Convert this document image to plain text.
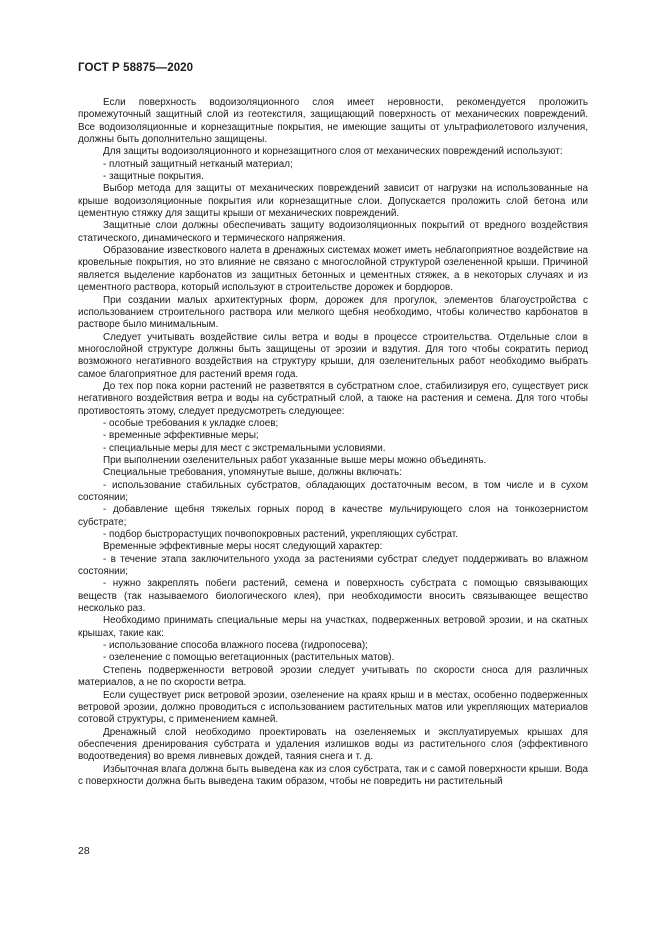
ГОСТ Р 58875—2020

Если поверхность водоизоляционного слоя имеет неровности, рекомендуется проложить промежуточный защитный слой из геотекстиля, защищающий поверхность от механических повреждений. Все водоизоляционные и корнезащитные покрытия, не имеющие защиты от ультрафиолетового излучения, должны быть дополнительно защищены.

Для защиты водоизоляционного и корнезащитного слоя от механических повреждений используют:

- плотный защитный нетканый материал;

- защитные покрытия.

Выбор метода для защиты от механических повреждений зависит от нагрузки на использованные на крыше водоизоляционные покрытия или корнезащитные слои. Допускается проложить слой бетона или цементную стяжку для защиты крыши от механических повреждений.

Защитные слои должны обеспечивать защиту водоизоляционных покрытий от вредного воздействия статического, динамического и термического напряжения.

Образование известкового налета в дренажных системах может иметь неблагоприятное воздействие на кровельные покрытия, но это влияние не связано с многослойной структурой озелененной крыши. Причиной является выделение карбонатов из защитных бетонных и цементных стяжек, а в некоторых случаях и из цементного раствора, который используют в строительстве дорожек и бордюров.

При создании малых архитектурных форм, дорожек для прогулок, элементов благоустройства с использованием строительного раствора или мелкого щебня необходимо, чтобы количество карбонатов в растворе было минимальным.

Следует учитывать воздействие силы ветра и воды в процессе строительства. Отдельные слои в многослойной структуре должны быть защищены от эрозии и вздутия. Для того чтобы сократить период возможного негативного воздействия на структуру крыши, для озеленительных работ необходимо выбрать самое благоприятное для растений время года.

До тех пор пока корни растений не разветвятся в субстратном слое, стабилизируя его, существует риск негативного воздействия ветра и воды на субстратный слой, а также на растения и семена. Для того чтобы противостоять этому, следует предусмотреть следующее:

- особые требования к укладке слоев;

- временные эффективные меры;

- специальные меры для мест с экстремальными условиями.

При выполнении озеленительных работ указанные выше меры можно объединять.

Специальные требования, упомянутые выше, должны включать:

- использование стабильных субстратов, обладающих достаточным весом, в том числе и в сухом состоянии;

- добавление щебня тяжелых горных пород в качестве мульчирующего слоя на тонкозернистом субстрате;

- подбор быстрорастущих почвопокровных растений, укрепляющих субстрат.

Временные эффективные меры носят следующий характер:

- в течение этапа заключительного ухода за растениями субстрат следует поддерживать во влажном состоянии;

- нужно закреплять побеги растений, семена и поверхность субстрата с помощью связывающих веществ (так называемого биологического клея), при необходимости вносить связывающее вещество несколько раз.

Необходимо принимать специальные меры на участках, подверженных ветровой эрозии, и на скатных крышах, такие как:

- использование способа влажного посева (гидропосева);

- озеленение с помощью вегетационных (растительных матов).

Степень подверженности ветровой эрозии следует учитывать по скорости сноса для различных материалов, а не по скорости ветра.

Если существует риск ветровой эрозии, озеленение на краях крыш и в местах, особенно подверженных ветровой эрозии, должно проводиться с использованием растительных матов или укрепляющих материалов сотовой структуры, с применением камней.

Дренажный слой необходимо проектировать на озеленяемых и эксплуатируемых крышах для обеспечения дренирования субстрата и удаления излишков воды из растительного слоя (эффективного водоотведения) во время ливневых дождей, таяния снега и т. д.

Избыточная влага должна быть выведена как из слоя субстрата, так и с самой поверхности крыши. Вода с поверхности должна быть выведена таким образом, чтобы не повредить ни растительный

28
